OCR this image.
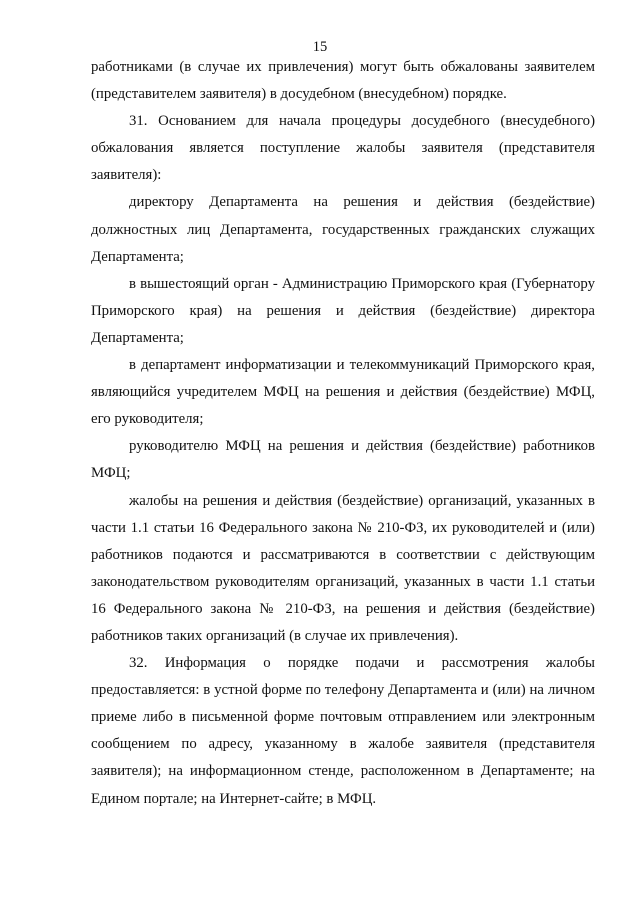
15

работниками (в случае их привлечения) могут быть обжалованы заявителем (представителем заявителя) в досудебном (внесудебном) порядке.

31. Основанием для начала процедуры досудебного (внесудебного) обжалования является поступление жалобы заявителя (представителя заявителя):

директору Департамента на решения и действия (бездействие) должностных лиц Департамента, государственных гражданских служащих Департамента;

в вышестоящий орган - Администрацию Приморского края (Губернатору Приморского края) на решения и действия (бездействие) директора Департамента;

в департамент информатизации и телекоммуникаций Приморского края, являющийся учредителем МФЦ на решения и действия (бездействие) МФЦ, его руководителя;

руководителю МФЦ на решения и действия (бездействие) работников МФЦ;

жалобы на решения и действия (бездействие) организаций, указанных в части 1.1 статьи 16 Федерального закона № 210-ФЗ, их руководителей и (или) работников подаются и рассматриваются в соответствии с действующим законодательством руководителям организаций, указанных в части 1.1 статьи 16 Федерального закона № 210-ФЗ, на решения и действия (бездействие) работников таких организаций (в случае их привлечения).

32. Информация о порядке подачи и рассмотрения жалобы предоставляется: в устной форме по телефону Департамента и (или) на личном приеме либо в письменной форме почтовым отправлением или электронным сообщением по адресу, указанному в жалобе заявителя (представителя заявителя); на информационном стенде, расположенном в Департаменте; на Едином портале; на Интернет-сайте; в МФЦ.
